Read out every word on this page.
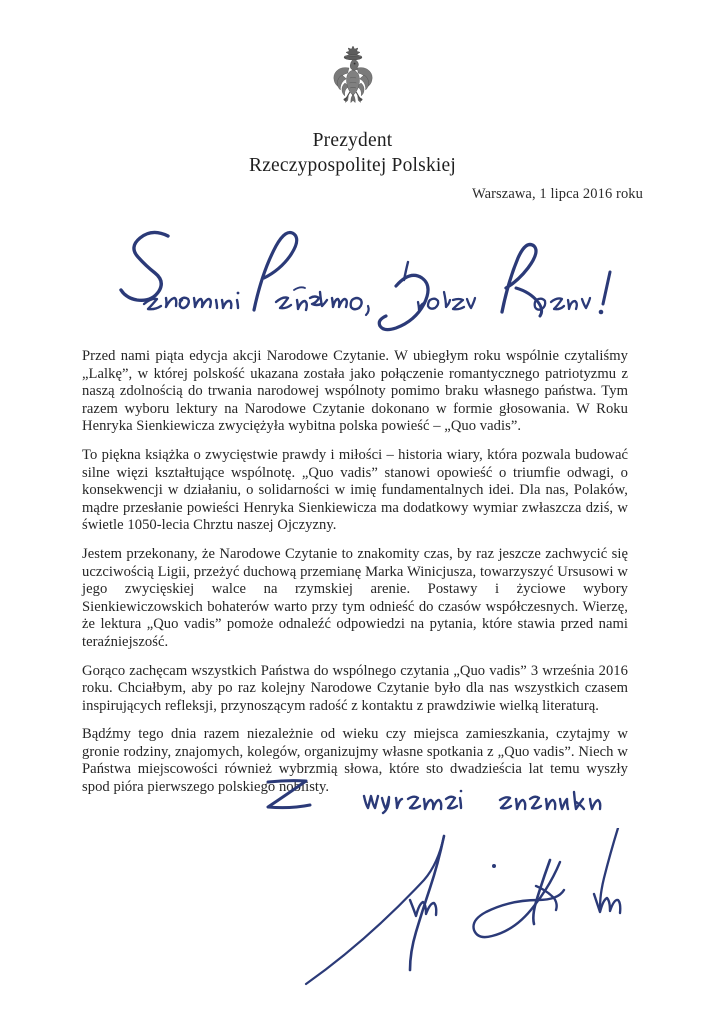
Prezydent
Rzeczypospolitej Polskiej
Warszawa, 1 lipca 2016 roku

Przed nami piąta edycja akcji Narodowe Czytanie. W ubiegłym roku wspólnie czytaliśmy „Lalkę”, w której polskość ukazana została jako połączenie romantycznego patriotyzmu z naszą zdolnością do trwania narodowej wspólnoty pomimo braku własnego państwa. Tym razem wyboru lektury na Narodowe Czytanie dokonano w formie głosowania. W Roku Henryka Sienkiewicza zwyciężyła wybitna polska powieść – „Quo vadis”.

To piękna książka o zwycięstwie prawdy i miłości – historia wiary, która pozwala budować silne więzi kształtujące wspólnotę. „Quo vadis” stanowi opowieść o triumfie odwagi, o konsekwencji w działaniu, o solidarności w imię fundamentalnych idei. Dla nas, Polaków, mądre przesłanie powieści Henryka Sienkiewicza ma dodatkowy wymiar zwłaszcza dziś, w świetle 1050-lecia Chrztu naszej Ojczyzny.

Jestem przekonany, że Narodowe Czytanie to znakomity czas, by raz jeszcze zachwycić się uczciwością Ligii, przeżyć duchową przemianę Marka Winicjusza, towarzyszyć Ursusowi w jego zwycięskiej walce na rzymskiej arenie. Postawy i życiowe wybory Sienkiewiczowskich bohaterów warto przy tym odnieść do czasów współczesnych. Wierzę, że lektura „Quo vadis” pomoże odnaleźć odpowiedzi na pytania, które stawia przed nami teraźniejszość.

Gorąco zachęcam wszystkich Państwa do wspólnego czytania „Quo vadis” 3 września 2016 roku. Chciałbym, aby po raz kolejny Narodowe Czytanie było dla nas wszystkich czasem inspirujących refleksji, przynoszącym radość z kontaktu z prawdziwie wielką literaturą.

Bądźmy tego dnia razem niezależnie od wieku czy miejsca zamieszkania, czytajmy w gronie rodziny, znajomych, kolegów, organizujmy własne spotkania z „Quo vadis”. Niech w Państwa miejscowości również wybrzmią słowa, które sto dwadzieścia lat temu wyszły spod pióra pierwszego polskiego noblisty.
